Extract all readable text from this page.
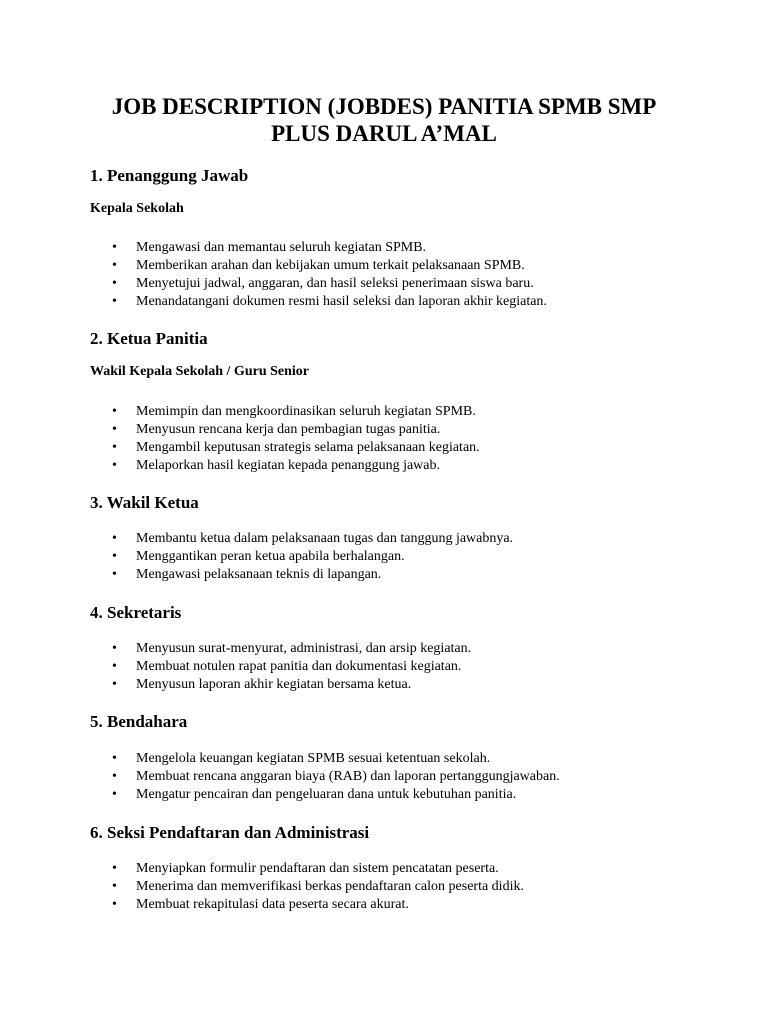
JOB DESCRIPTION (JOBDES) PANITIA SPMB SMP
PLUS DARUL A’MAL
1. Penanggung Jawab
Kepala Sekolah
• Mengawasi dan memantau seluruh kegiatan SPMB.
• Memberikan arahan dan kebijakan umum terkait pelaksanaan SPMB.
• Menyetujui jadwal, anggaran, dan hasil seleksi penerimaan siswa baru.
• Menandatangani dokumen resmi hasil seleksi dan laporan akhir kegiatan.
2. Ketua Panitia
Wakil Kepala Sekolah / Guru Senior
• Memimpin dan mengkoordinasikan seluruh kegiatan SPMB.
• Menyusun rencana kerja dan pembagian tugas panitia.
• Mengambil keputusan strategis selama pelaksanaan kegiatan.
• Melaporkan hasil kegiatan kepada penanggung jawab.
3. Wakil Ketua
• Membantu ketua dalam pelaksanaan tugas dan tanggung jawabnya.
• Menggantikan peran ketua apabila berhalangan.
• Mengawasi pelaksanaan teknis di lapangan.
4. Sekretaris
• Menyusun surat-menyurat, administrasi, dan arsip kegiatan.
• Membuat notulen rapat panitia dan dokumentasi kegiatan.
• Menyusun laporan akhir kegiatan bersama ketua.
5. Bendahara
• Mengelola keuangan kegiatan SPMB sesuai ketentuan sekolah.
• Membuat rencana anggaran biaya (RAB) dan laporan pertanggungjawaban.
• Mengatur pencairan dan pengeluaran dana untuk kebutuhan panitia.
6. Seksi Pendaftaran dan Administrasi
• Menyiapkan formulir pendaftaran dan sistem pencatatan peserta.
• Menerima dan memverifikasi berkas pendaftaran calon peserta didik.
• Membuat rekapitulasi data peserta secara akurat.
